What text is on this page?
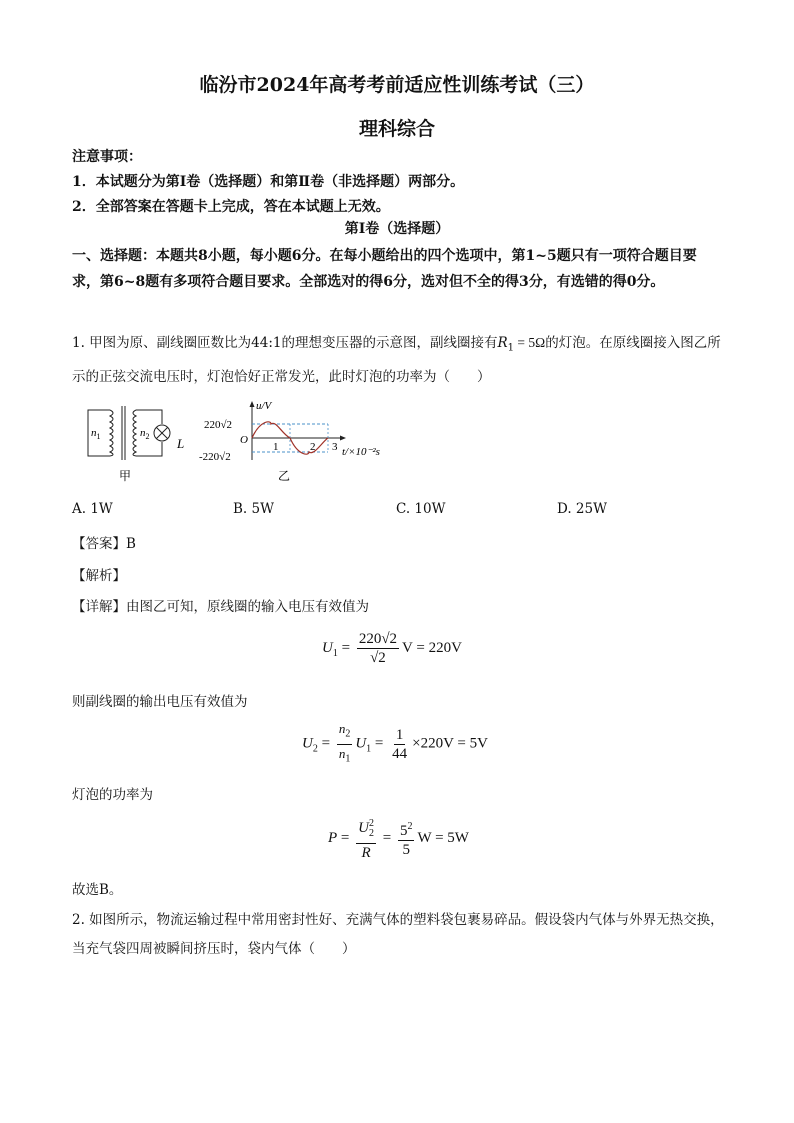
临汾市2024年高考考前适应性训练考试（三）
理科综合
注意事项：
1．本试题分为第Ⅰ卷（选择题）和第Ⅱ卷（非选择题）两部分。
2．全部答案在答题卡上完成，答在本试题上无效。
第Ⅰ卷（选择题）
一、选择题：本题共8小题，每小题6分。在每小题给出的四个选项中，第1~5题只有一项符合题目要求，第6~8题有多项符合题目要求。全部选对的得6分，选对但不全的得3分，有选错的得0分。
1. 甲图为原、副线圈匝数比为44:1的理想变压器的示意图，副线圈接有$R_1 = 5\Omega$的灯泡。在原线圈接入图乙所示的正弦交流电压时，灯泡恰好正常发光，此时灯泡的功率为（　　）
$n_1$	$n_2$ L
甲
u/V
220√2
O
-220√2
1	2 3 t/×10⁻²s
乙
A. 1W	B. 5W	C. 10W	D. 25W
【答案】B
【解析】
【详解】由图乙可知，原线圈的输入电压有效值为
$U_1 = \frac{220√2}{√2}$ V = 220V
则副线圈的输出电压有效值为
$U_2 = \frac{n_2}{n_1} U_1 = \frac{1}{44} \times 220V = 5V$
灯泡的功率为
$P = \frac{U^2_2}{R} = \frac{5^2}{5}$ W = 5W
故选B。
2. 如图所示，物流运输过程中常用密封性好、充满气体的塑料袋包裹易碎品。假设袋内气体与外界无热交换，当充气袋四周被瞬间挤压时，袋内气体（　　）
